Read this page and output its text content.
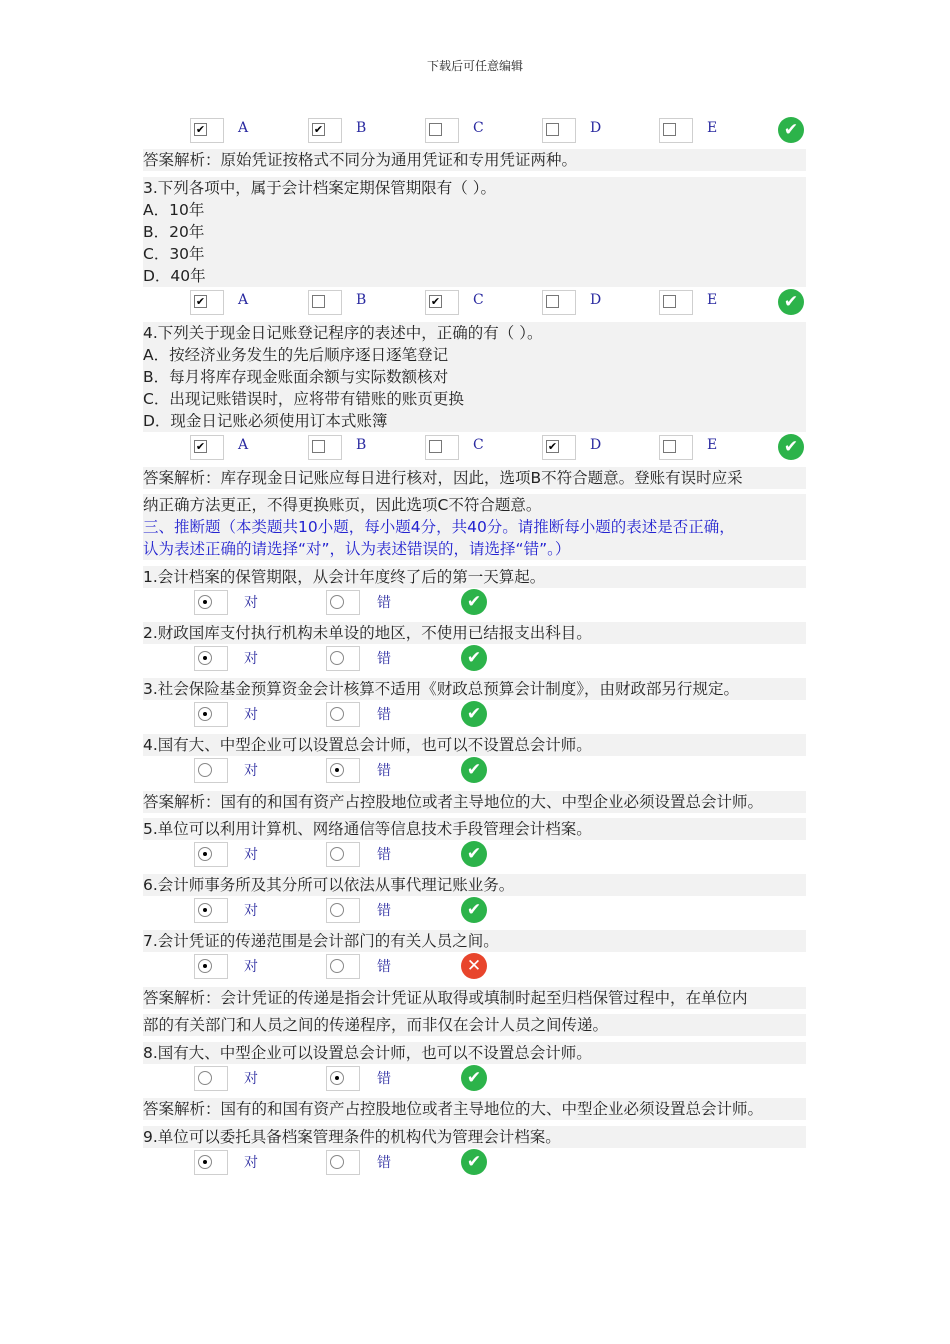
下载后可任意编辑
✔ A	✔ B	C	D	E	✔
答案解析：原始凭证按格式不同分为通用凭证和专用凭证两种。
3.下列各项中，属于会计档案定期保管期限有（ ）。
A．10年
B．20年
C．30年
D．40年
✔ A	B	✔ C	D	E	✔
4.下列关于现金日记账登记程序的表述中，正确的有（ ）。
A．按经济业务发生的先后顺序逐日逐笔登记
B．每月将库存现金账面余额与实际数额核对
C．出现记账错误时，应将带有错账的账页更换
D．现金日记账必须使用订本式账簿
✔ A	B	C	✔ D	E	✔
答案解析：库存现金日记账应每日进行核对，因此，选项B不符合题意。登账有误时应采
纳正确方法更正，不得更换账页，因此选项C不符合题意。
三、推断题（本类题共10小题，每小题4分，共40分。请推断每小题的表述是否正确，
认为表述正确的请选择“对”，认为表述错误的，请选择“错”。）
1.会计档案的保管期限，从会计年度终了后的第一天算起。
对	错	✔
2.财政国库支付执行机构未单设的地区，不使用已结报支出科目。
对	错	✔
3.社会保险基金预算资金会计核算不适用《财政总预算会计制度》，由财政部另行规定。
对	错	✔
4.国有大、中型企业可以设置总会计师，也可以不设置总会计师。
对	错	✔
答案解析：国有的和国有资产占控股地位或者主导地位的大、中型企业必须设置总会计师。
5.单位可以利用计算机、网络通信等信息技术手段管理会计档案。
对	错	✔
6.会计师事务所及其分所可以依法从事代理记账业务。
对	错	✔
7.会计凭证的传递范围是会计部门的有关人员之间。
对	错	✕
答案解析：会计凭证的传递是指会计凭证从取得或填制时起至归档保管过程中，在单位内
部的有关部门和人员之间的传递程序，而非仅在会计人员之间传递。
8.国有大、中型企业可以设置总会计师，也可以不设置总会计师。
对	错	✔
答案解析：国有的和国有资产占控股地位或者主导地位的大、中型企业必须设置总会计师。
9.单位可以委托具备档案管理条件的机构代为管理会计档案。
对	错	✔
